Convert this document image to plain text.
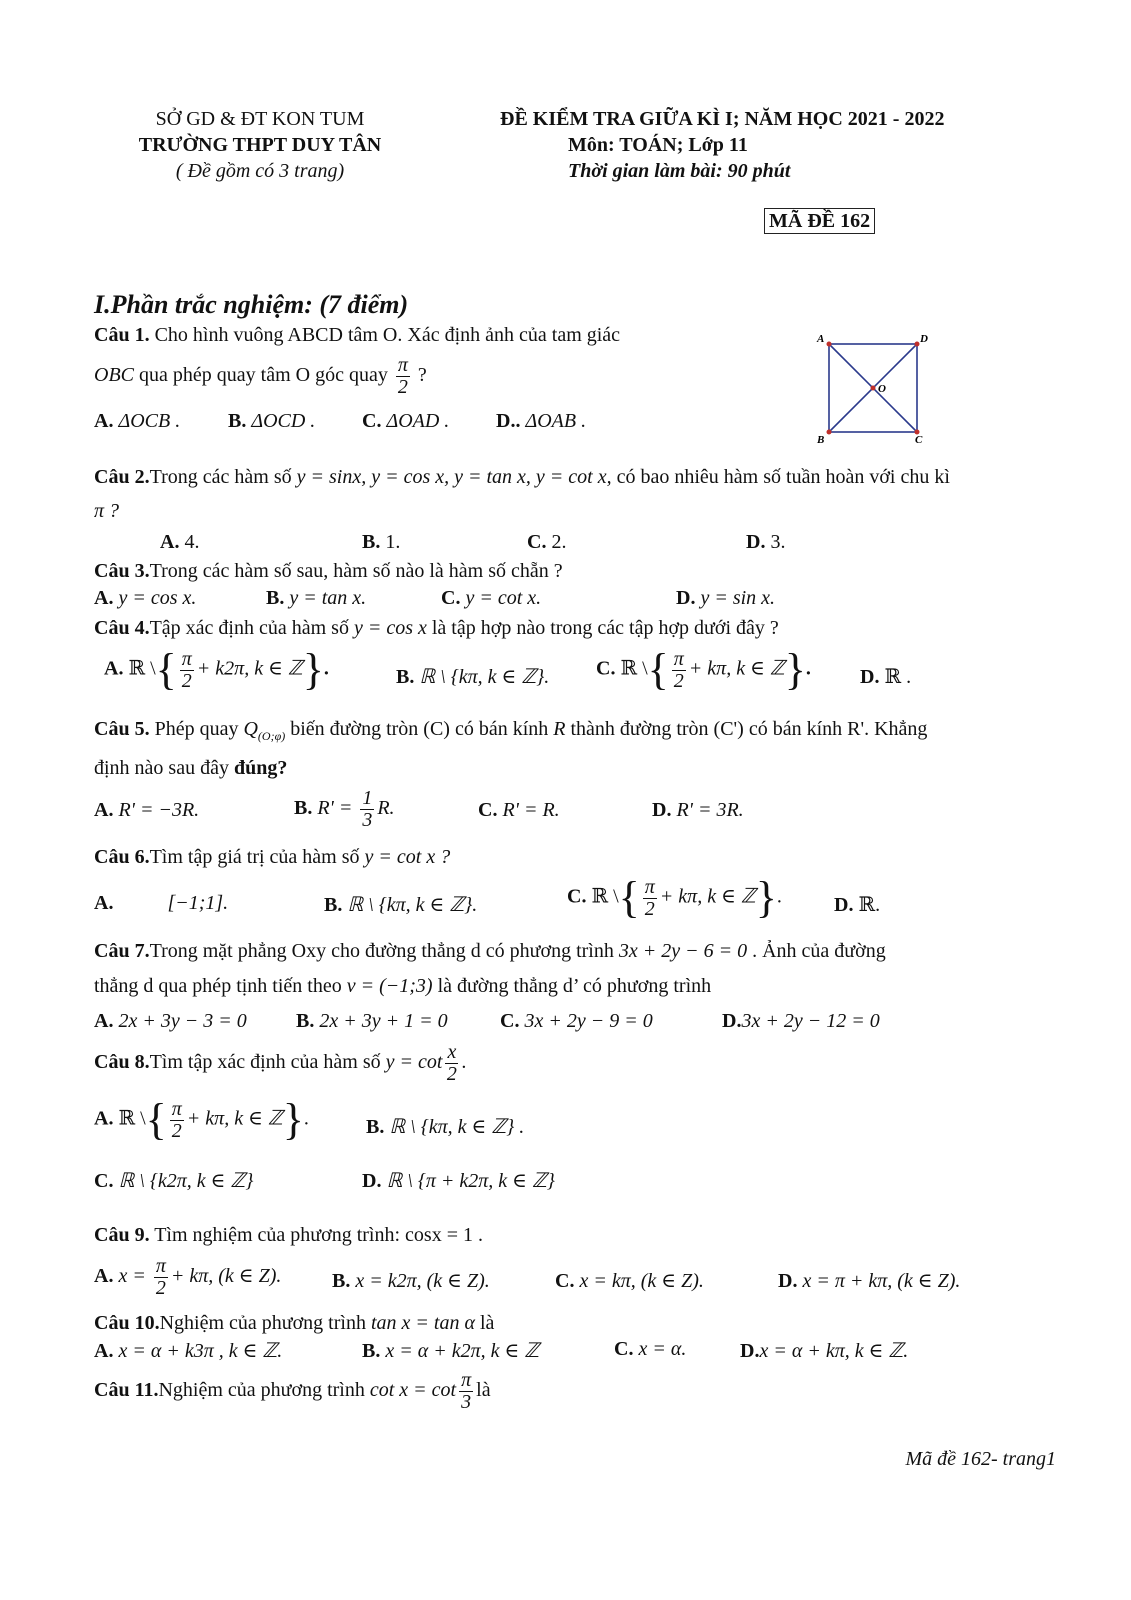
SỞ GD & ĐT KON TUM
TRƯỜNG THPT DUY TÂN
( Đề gồm có 3 trang)
ĐỀ KIỂM TRA GIỮA KÌ I; NĂM HỌC 2021 - 2022
Môn: TOÁN; Lớp 11
Thời gian làm bài: 90 phút
MÃ ĐỀ 162
I.Phần trắc nghiệm: (7 điểm)
A	D
B	C
O
Câu 1. Cho hình vuông ABCD tâm O. Xác định ảnh của tam giác
OBC qua phép quay tâm O góc quay $\frac{\pi}{2}$ ?
A. ΔOCB . B. ΔOCD . C. ΔOAD . D.. ΔOAB .
Câu 2.Trong các hàm số y = sinx, y = cos x, y = tan x, y = cot x, có bao nhiêu hàm số tuần hoàn với chu kì
π ?
A. 4.	B. 1.	C. 2.	D. 3.
Câu 3.Trong các hàm số sau, hàm số nào là hàm số chẵn ?
A. y = cos x.	B. y = tan x.	C. y = cot x.	D. y = sin x.
Câu 4.Tập xác định của hàm số y = cos x là tập hợp nào trong các tập hợp dưới đây ?
A. ℝ \{ $\frac{\pi}{2} + k2\pi$, k ∈ ℤ}.	B. ℝ \ {kπ, k ∈ ℤ}. C. ℝ \{ $\frac{\pi}{2} + k\pi$, k ∈ ℤ}. D. ℝ .
Câu 5. Phép quay $Q_{(O;\varphi)}$ biến đường tròn (C) có bán kính R thành đường tròn (C') có bán kính R'. Khẳng
định nào sau đây đúng?
A. R' = −3R.	B. $R' = \frac{1}{3} R$.	C. R' = R.	D. R' = 3R.
Câu 6.Tìm tập giá trị của hàm số y = cot x ?
A.	[−1;1].	B. ℝ \ {kπ, k ∈ ℤ}.	C. ℝ \{ $\frac{\pi}{2} + k\pi$, k ∈ ℤ}.	D. ℝ.
Câu 7.Trong mặt phẳng Oxy cho đường thẳng d có phương trình 3x + 2y − 6 = 0 . Ảnh của đường
thẳng d qua phép tịnh tiến theo v = (−1;3) là đường thẳng d’ có phương trình
A. 2x + 3y − 3 = 0 B. 2x + 3y + 1 = 0	C. 3x + 2y − 9 = 0	D.3x + 2y − 12 = 0
Câu 8.Tìm tập xác định của hàm số $y = \cot \frac{x}{2}$ .
A. ℝ \{ $\frac{\pi}{2} + k\pi$, k ∈ ℤ}.	B. ℝ \ {kπ, k ∈ ℤ} .
C. ℝ \ {k2π, k ∈ ℤ}	D. ℝ \ {π + k2π, k ∈ ℤ}
Câu 9. Tìm nghiệm của phương trình: cosx = 1 .
A. $x = \frac{\pi}{2} + k\pi$, (k ∈ Z).	B. x = k2π, (k ∈ Z).	C. x = kπ, (k ∈ Z).	D. x = π + kπ, (k ∈ Z).
Câu 10.Nghiệm của phương trình tan x = tan α là
A. x = α + k3π , k ∈ ℤ.	B. x = α + k2π, k ∈ ℤ	C. x = α.	D.x = α + kπ, k ∈ ℤ.
Câu 11.Nghiệm của phương trình $\cot x = \cot \frac{\pi}{3}$ là
Mã đề 162- trang1
